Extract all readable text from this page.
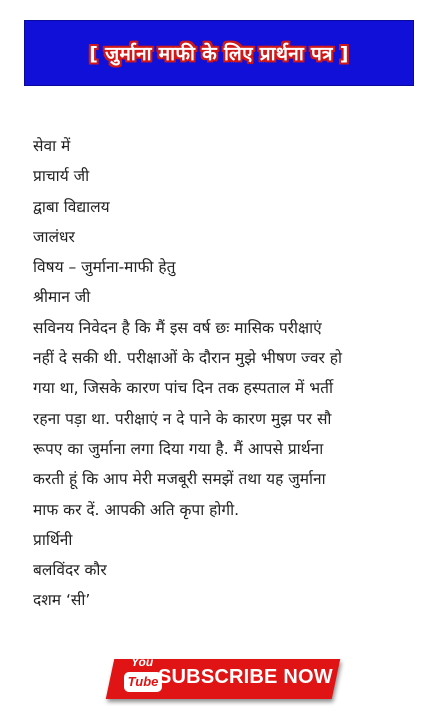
[ जुर्माना माफी के लिए प्रार्थना पत्र ]
सेवा में
प्राचार्य जी
द्वाबा विद्यालय
जालंधर
विषय – जुर्माना-माफी हेतु
श्रीमान जी
सविनय निवेदन है कि मैं इस वर्ष छः मासिक परीक्षाएं
नहीं दे सकी थी. परीक्षाओं के दौरान मुझे भीषण ज्वर हो
गया था, जिसके कारण पांच दिन तक हस्पताल में भर्ती
रहना पड़ा था. परीक्षाएं न दे पाने के कारण मुझ पर सौ
रूपए का जुर्माना लगा दिया गया है. मैं आपसे प्रार्थना
करती हूं कि आप मेरी मजबूरी समझें तथा यह जुर्माना
माफ कर दें. आपकी अति कृपा होगी.
प्रार्थिनी
बलविंदर कौर
दशम ‘सी’
You
Tube SUBSCRIBE NOW
